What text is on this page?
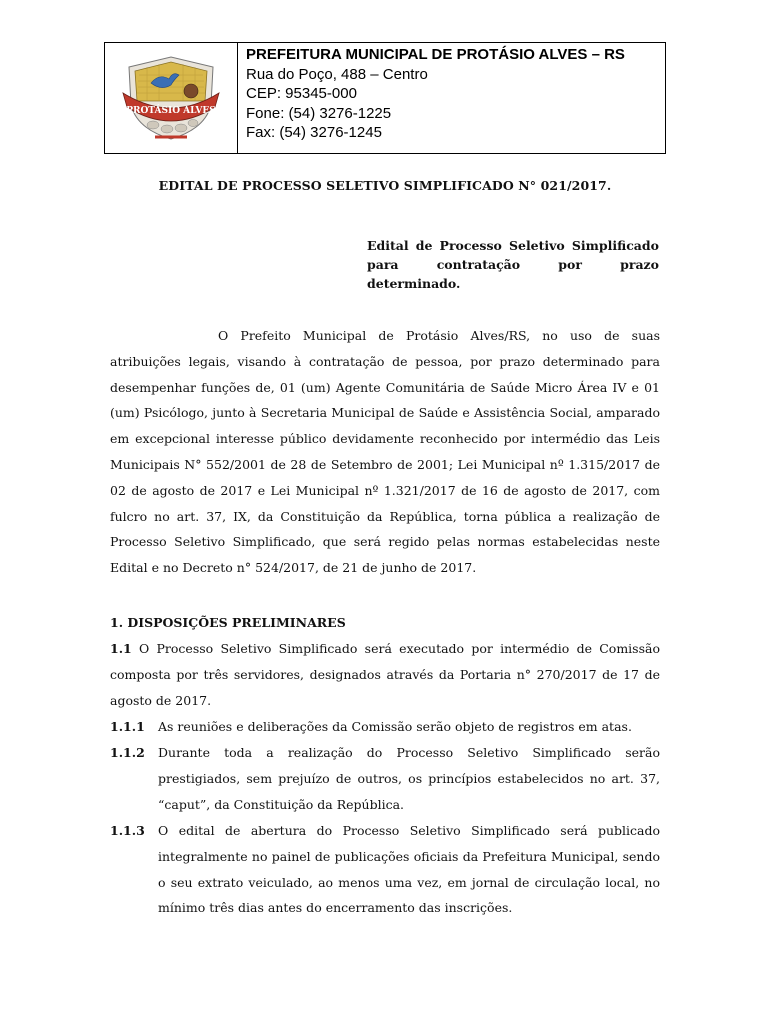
PROTÁSIO ALVES
PREFEITURA MUNICIPAL DE PROTÁSIO ALVES – RS
Rua do Poço, 488 – Centro
CEP: 95345-000
Fone: (54) 3276-1225
Fax: (54) 3276-1245
EDITAL DE PROCESSO SELETIVO SIMPLIFICADO N° 021/2017.
Edital de Processo Seletivo Simplificado
para contratação por prazo
determinado.
O Prefeito Municipal de Protásio Alves/RS, no uso de suas atribuições legais, visando à contratação de pessoa, por prazo determinado para desempenhar funções de, 01 (um) Agente Comunitária de Saúde Micro Área IV e 01 (um) Psicólogo, junto à Secretaria Municipal de Saúde e Assistência Social, amparado em excepcional interesse público devidamente reconhecido por intermédio das Leis Municipais N° 552/2001 de 28 de Setembro de 2001; Lei Municipal nº 1.315/2017 de 02 de agosto de 2017 e Lei Municipal nº 1.321/2017 de 16 de agosto de 2017, com fulcro no art. 37, IX, da Constituição da República, torna pública a realização de Processo Seletivo Simplificado, que será regido pelas normas estabelecidas neste Edital e no Decreto n° 524/2017, de 21 de junho de 2017.
1. DISPOSIÇÕES PRELIMINARES
1.1 O Processo Seletivo Simplificado será executado por intermédio de Comissão composta por três servidores, designados através da Portaria n° 270/2017 de 17 de agosto de 2017.
1.1.1 As reuniões e deliberações da Comissão serão objeto de registros em atas.
1.1.2 Durante toda a realização do Processo Seletivo Simplificado serão prestigiados, sem prejuízo de outros, os princípios estabelecidos no art. 37, “caput”, da Constituição da República.
1.1.3 O edital de abertura do Processo Seletivo Simplificado será publicado integralmente no painel de publicações oficiais da Prefeitura Municipal, sendo o seu extrato veiculado, ao menos uma vez, em jornal de circulação local, no mínimo três dias antes do encerramento das inscrições.
